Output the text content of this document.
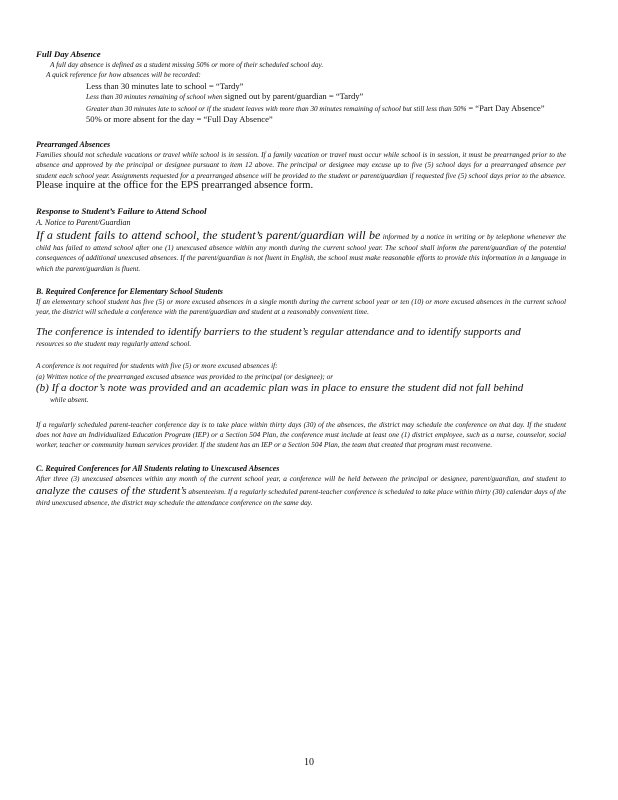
Full Day Absence
A full day absence is defined as a student missing 50% or more of their scheduled school day.
A quick reference for how absences will be recorded:
Less than 30 minutes late to school = “Tardy”
Less than 30 minutes remaining of school when signed out by parent/guardian = “Tardy”
Greater than 30 minutes late to school or if the student leaves with more than 30 minutes remaining of school but still less than 50% = “Part Day Absence”
50% or more absent for the day = “Full Day Absence”
Prearranged Absences
Families should not schedule vacations or travel while school is in session. If a family vacation or travel must occur while school is in session, it must be prearranged prior to the absence and approved by the principal or designee pursuant to item 12 above. The principal or designee may excuse up to five (5) school days for a prearranged absence per student each school year. Assignments requested for a prearranged absence will be provided to the student or parent/guardian if requested five (5) school days prior to the absence. Please inquire at the office for the EPS prearranged absence form.
Response to Student’s Failure to Attend School
A. Notice to Parent/Guardian
If a student fails to attend school, the student’s parent/guardian will be informed by a notice in writing or by telephone whenever the child has failed to attend school after one (1) unexcused absence within any month during the current school year. The school shall inform the parent/guardian of the potential consequences of additional unexcused absences. If the parent/guardian is not fluent in English, the school must make reasonable efforts to provide this information in a language in which the parent/guardian is fluent.
B. Required Conference for Elementary School Students
If an elementary school student has five (5) or more excused absences in a single month during the current school year or ten (10) or more excused absences in the current school year, the district will schedule a conference with the parent/guardian and student at a reasonably convenient time.
The conference is intended to identify barriers to the student’s regular attendance and to identify supports and
resources so the student may regularly attend school.
A conference is not required for students with five (5) or more excused absences if:
(a) Written notice of the prearranged excused absence was provided to the principal (or designee); or
(b) If a doctor’s note was provided and an academic plan was in place to ensure the student did not fall behind
while absent.
If a regularly scheduled parent-teacher conference day is to take place within thirty days (30) of the absences, the district may schedule the conference on that day. If the student does not have an Individualized Education Program (IEP) or a Section 504 Plan, the conference must include at least one (1) district employee, such as a nurse, counselor, social worker, teacher or community human services provider. If the student has an IEP or a Section 504 Plan, the team that created that program must reconvene.
C. Required Conferences for All Students relating to Unexcused Absences
After three (3) unexcused absences within any month of the current school year, a conference will be held between the principal or designee, parent/guardian, and student to analyze the causes of the student’s absenteeism. If a regularly scheduled parent-teacher conference is scheduled to take place within thirty (30) calendar days of the third unexcused absence, the district may schedule the attendance conference on the same day.
10
